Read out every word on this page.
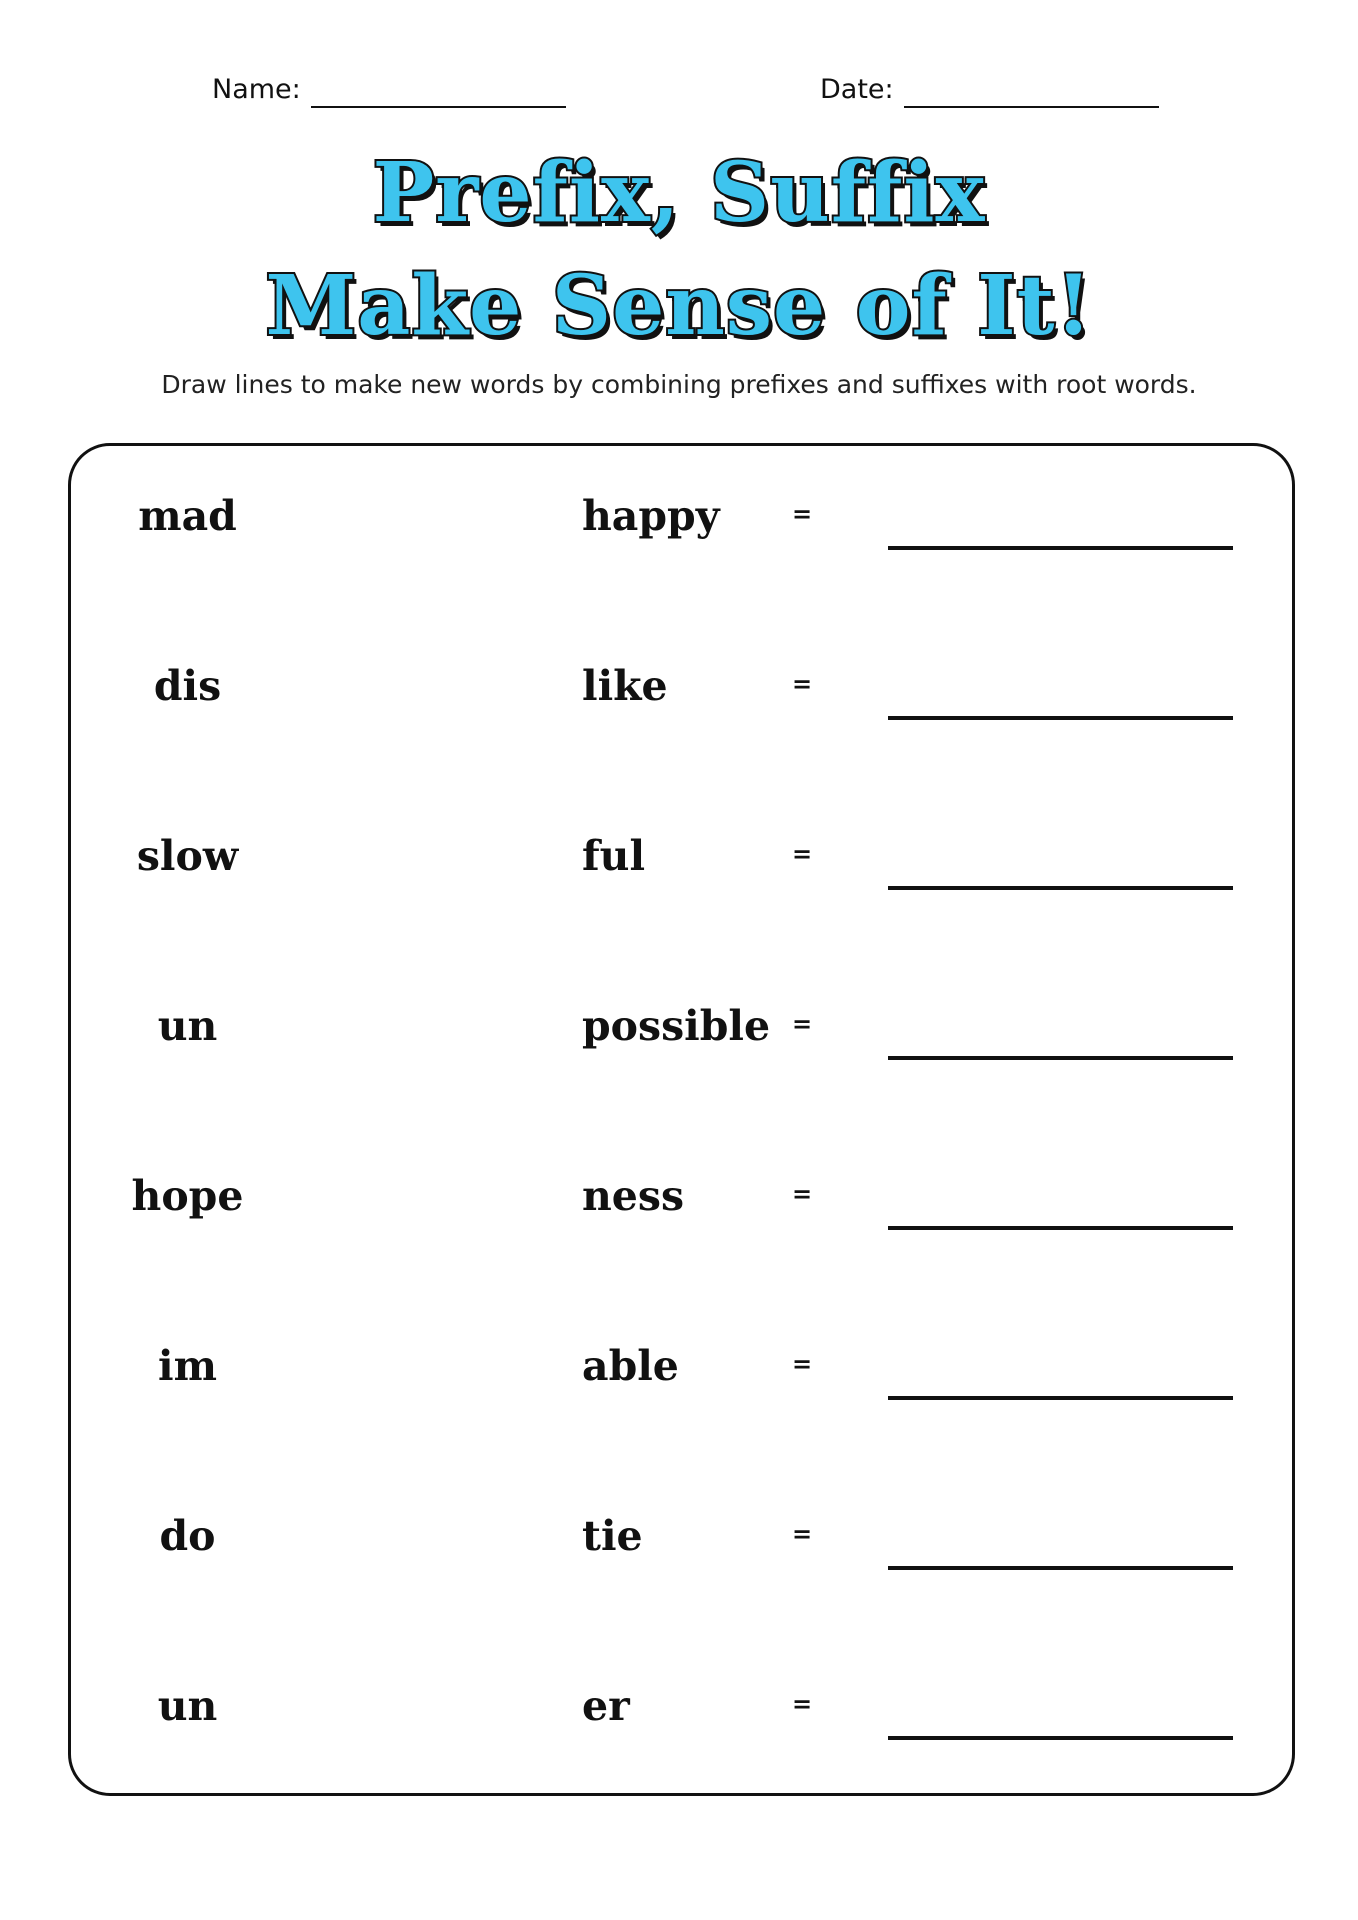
Name:	Date:
Prefix, Suffix
Make Sense of It!
Draw lines to make new words by combining prefixes and suffixes with root words.
mad	happy	=
dis	like	=
slow	ful	=
un	possible =
hope	ness	=
im	able	=
do	tie	=
un	er	=
